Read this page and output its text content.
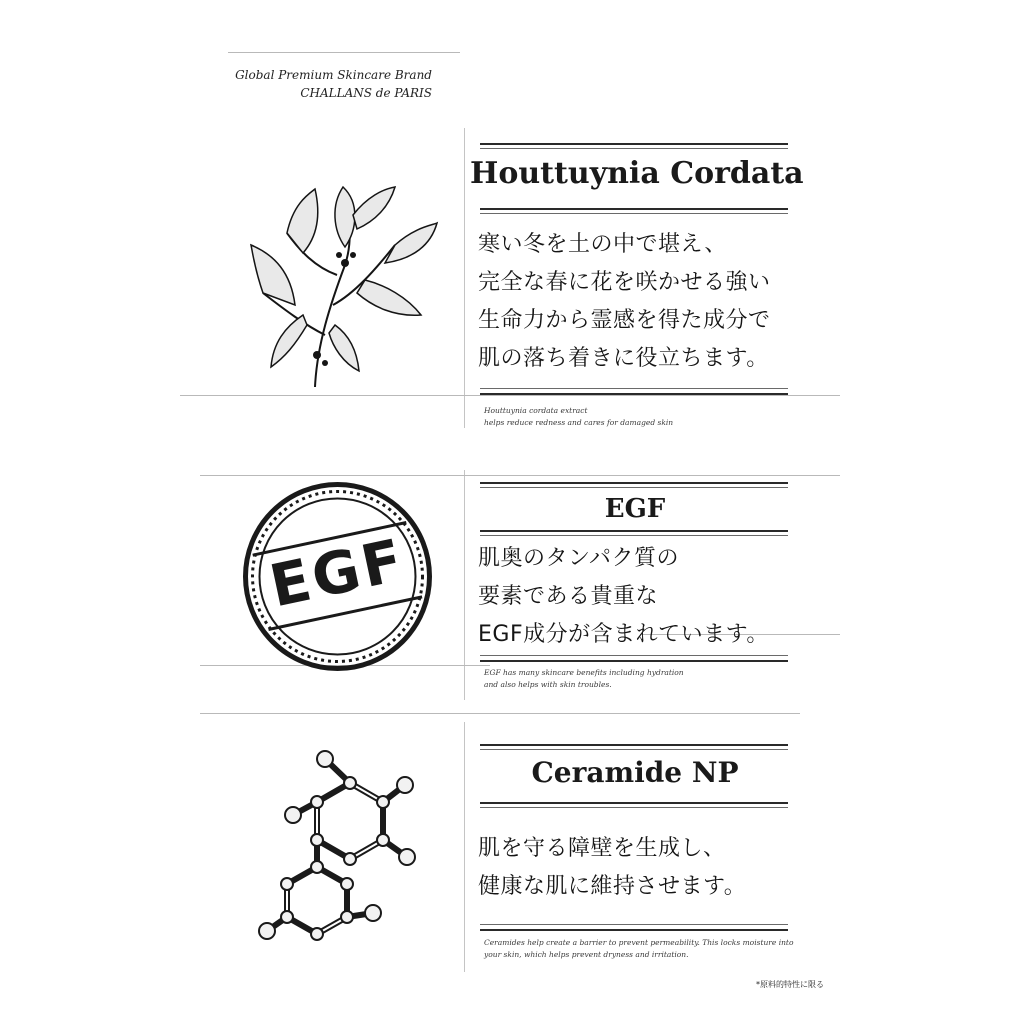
Global Premium Skincare Brand
CHALLANS de PARIS
Houttuynia Cordata
寒い冬を土の中で堪え、
完全な春に花を咲かせる強い
生命力から霊感を得た成分で
肌の落ち着きに役立ちます。
Houttuynia cordata extract
helps reduce redness and cares for damaged skin
EGF
肌奥のタンパク質の
要素である貴重な
EGF成分が含まれています。
EGF has many skincare benefits including hydration
and also helps with skin troubles.
EGF
Ceramide NP
肌を守る障壁を生成し、
健康な肌に維持させます。
Ceramides help create a barrier to prevent permeability. This locks moisture into
your skin, which helps prevent dryness and irritation.
*原料的特性に限る
